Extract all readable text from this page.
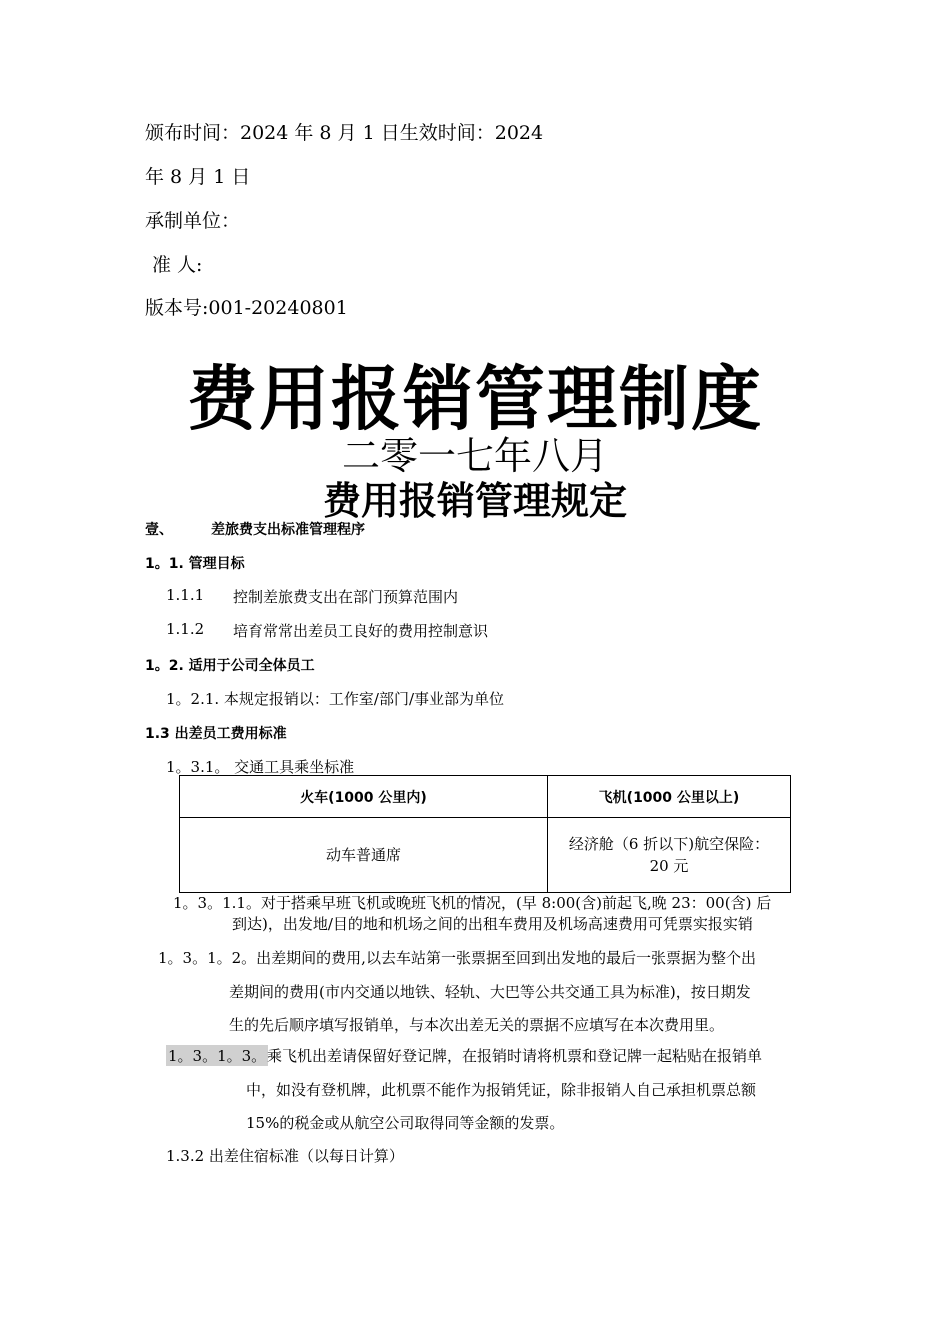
颁布时间：2024 年 8 月 1 日生效时间：2024
年 8 月 1 日
承制单位：
准 人:
版本号:001-20240801
费用报销管理制度
二零一七年八月
费用报销管理规定
壹、	差旅费支出标准管理程序
1。1. 管理目标
1.1.1 控制差旅费支出在部门预算范围内
1.1.2 培育常常出差员工良好的费用控制意识
1。2. 适用于公司全体员工
1。2.1. 本规定报销以：工作室/部门/事业部为单位
1.3 出差员工费用标准
1。3.1。 交通工具乘坐标准
火车(1000 公里内)	飞机(1000 公里以上)
动车普通席	经济舱（6 折以下)航空保险：
20 元
1。3。1.1。 对于搭乘早班飞机或晚班飞机的情况，(早 8:00(含)前起飞,晚 23：00(含) 后
到达)，出发地/目的地和机场之间的出租车费用及机场高速费用可凭票实报实销
1。3。1。2。出差期间的费用,以去车站第一张票据至回到出发地的最后一张票据为整个出
差期间的费用(市内交通以地铁、轻轨、大巴等公共交通工具为标准)，按日期发
生的先后顺序填写报销单，与本次出差无关的票据不应填写在本次费用里。
1。3。1。3。 乘飞机出差请保留好登记牌，在报销时请将机票和登记牌一起粘贴在报销单
中，如没有登机牌，此机票不能作为报销凭证，除非报销人自己承担机票总额
15%的税金或从航空公司取得同等金额的发票。
1.3.2 出差住宿标准（以每日计算）
